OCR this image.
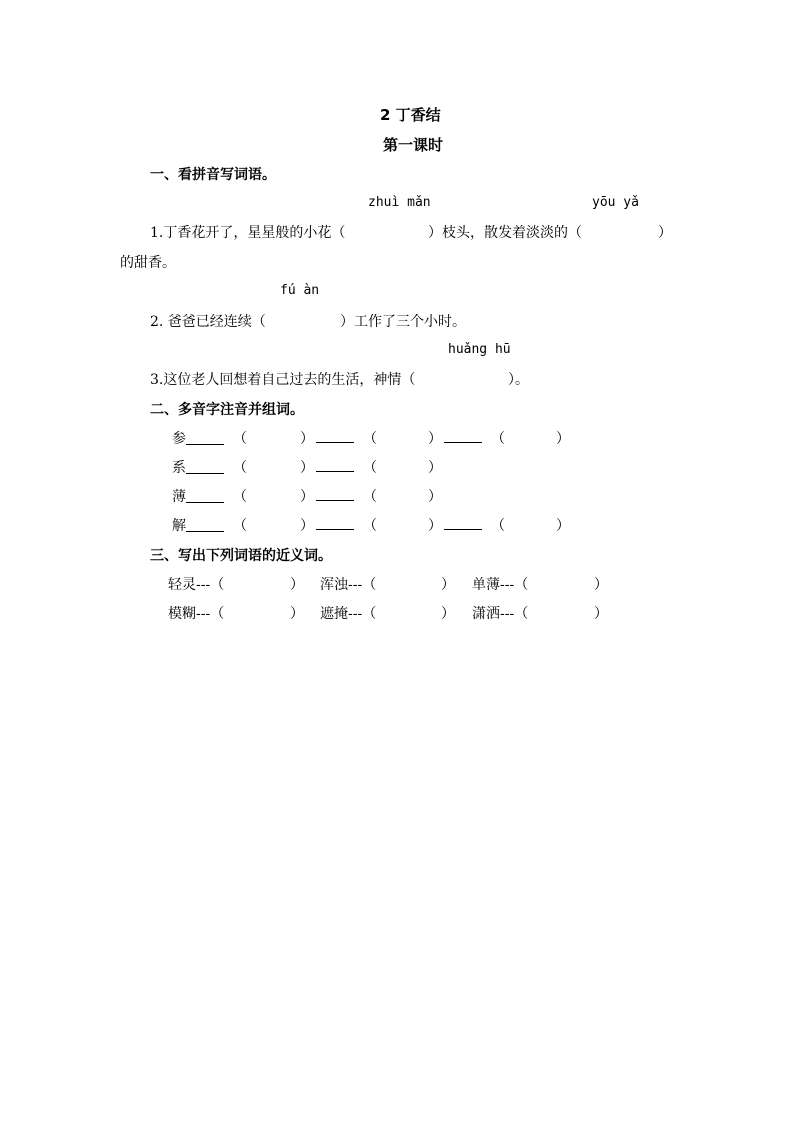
2 丁香结
第一课时
一、看拼音写词语。
zhuì mǎn	yōu yǎ
1.丁香花开了，星星般的小花（	）枝头，散发着淡淡的（	）
的甜香。
fú àn
2. 爸爸已经连续（	）工作了三个小时。
huǎng hū
3.这位老人回想着自己过去的生活，神情（	）。
二、多音字注音并组词。
参	（	）	（	）	（	）
系	（	）	（	）
薄	（	）	（	）
解	（	）	（	）	（	）
三、写出下列词语的近义词。
轻灵---（	） 浑浊---（	） 单薄---（	）
模糊---（	） 遮掩---（	） 潇洒---（	）
